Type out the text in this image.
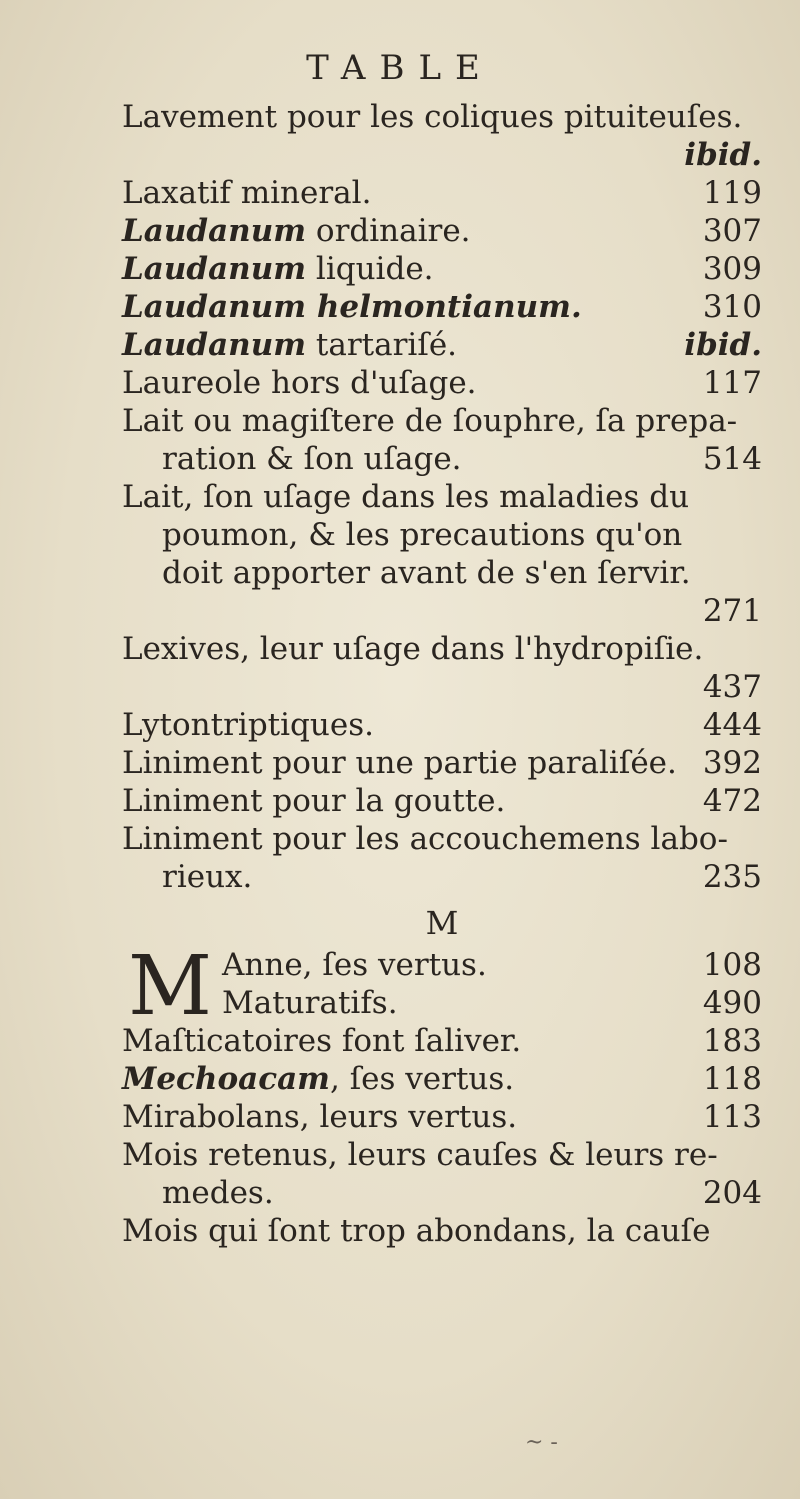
TABLE
Lavement pour les coliques pituiteuſes.
ibid.
Laxatif mineral.	119
Laudanum ordinaire.	307
Laudanum liquide.	309
Laudanum helmontianum.	310
Laudanum tartariſé.	ibid.
Laureole hors d'uſage.	117
Lait ou magiſtere de ſouphre, ſa prepa-
ration & ſon uſage.	514
Lait, ſon uſage dans les maladies du
poumon, & les precautions qu'on
doit apporter avant de s'en ſervir.
271
Lexives, leur uſage dans l'hydropiſie.
437
Lytontriptiques.	444
Liniment pour une partie paraliſée. 392
Liniment pour la goutte.	472
Liniment pour les accouchemens labo-
rieux.	235
M
M Anne, ſes vertus.	108
Maturatifs.	490
Maſticatoires font ſaliver.	183
Mechoacam, ſes vertus.	118
Mirabolans, leurs vertus.	113
Mois retenus, leurs cauſes & leurs re-
medes.	204
Mois qui ſont trop abondans, la cauſe
~ -
